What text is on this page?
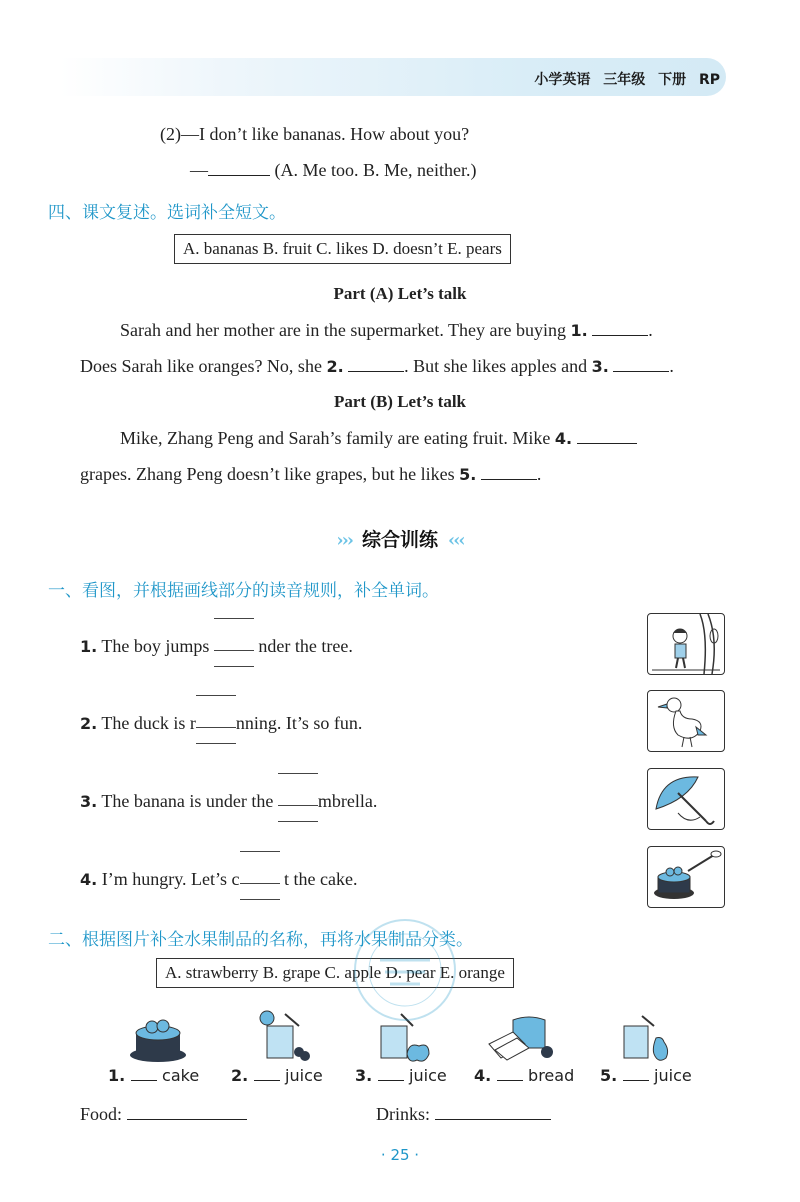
小学英语 三年级 下册 RP
(2)—I don’t like bananas. How about you?
—	(A. Me too. B. Me, neither.)
四、课文复述。选词补全短文。
A. bananas B. fruit C. likes D. doesn’t E. pears
Part (A) Let’s talk
Sarah and her mother are in the supermarket. They are buying 1.	.
Does Sarah like oranges? No, she 2.	. But she likes apples and 3.	.
Part (B) Let’s talk
Mike, Zhang Peng and Sarah’s family are eating fruit. Mike 4.
grapes. Zhang Peng doesn’t like grapes, but he likes 5.	.
››› 综合训练 ‹‹‹
一、看图，并根据画线部分的读音规则，补全单词。
1. The boy jumps
nder the tree.
2. The duck is r nning. It’s so fun.
3. The banana is under the
mbrella.
4. I’m hungry. Let’s c t the cake.
二、根据图片补全水果制品的名称，再将水果制品分类。
A. strawberry B. grape C. apple D. pear E. orange
1. cake 2. juice 3. juice 4. bread 5. juice
Food:	Drinks:
· 25 ·
